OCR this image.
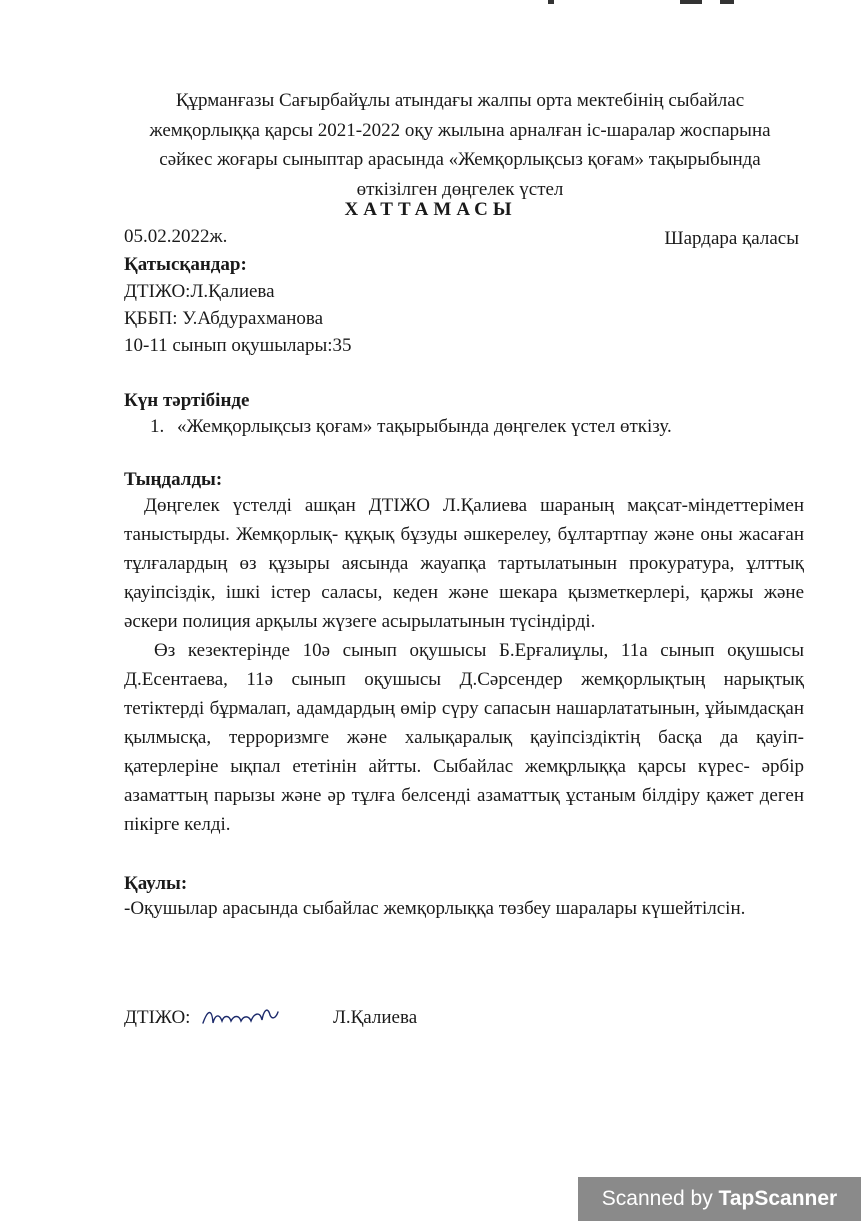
Құрманғазы Сағырбайұлы атындағы жалпы орта мектебінің сыбайлас

жемқорлыққа қарсы 2021-2022 оқу жылына арналған іс-шаралар жоспарына

сәйкес жоғары сыныптар арасында «Жемқорлықсыз қоғам» тақырыбында

өткізілген дөңгелек үстел

ХАТТАМАСЫ
05.02.2022ж.	Шардара қаласы
Қатысқандар:
ДТІЖО:Л.Қалиева
ҚББП: У.Абдурахманова
10-11 сынып оқушылары:35
Күн тәртібінде
1. «Жемқорлықсыз қоғам» тақырыбында дөңгелек үстел өткізу.
Тыңдалды:

Дөңгелек үстелді ашқан ДТІЖО Л.Қалиева шараның мақсат-міндеттерімен таныстырды. Жемқорлық- құқық бұзуды әшкерелеу, бұлтартпау және оны жасаған тұлғалардың өз құзыры аясында жауапқа тартылатынын прокуратура, ұлттық қауіпсіздік, ішкі істер саласы, кеден және шекара қызметкерлері, қаржы және әскери полиция арқылы жүзеге асырылатынын түсіндірді.

Өз кезектерінде 10ә сынып оқушысы Б.Ерғалиұлы, 11а сынып оқушысы Д.Есентаева, 11ә сынып оқушысы Д.Сәрсендер жемқорлықтың нарықтық тетіктерді бұрмалап, адамдардың өмір сүру сапасын нашарлататынын, ұйымдасқан қылмысқа, терроризмге және халықаралық қауіпсіздіктің басқа да қауіп-қатерлеріне ықпал ететінін айтты. Сыбайлас жемқрлыққа қарсы күрес- әрбір азаматтың парызы және әр тұлға белсенді азаматтық ұстаным білдіру қажет деген пікірге келді.

Қаулы:
-Оқушылар арасында сыбайлас жемқорлыққа төзбеу шаралары күшейтілсін.
ДТІЖО:	Л.Қалиева
Scanned by TapScanner
